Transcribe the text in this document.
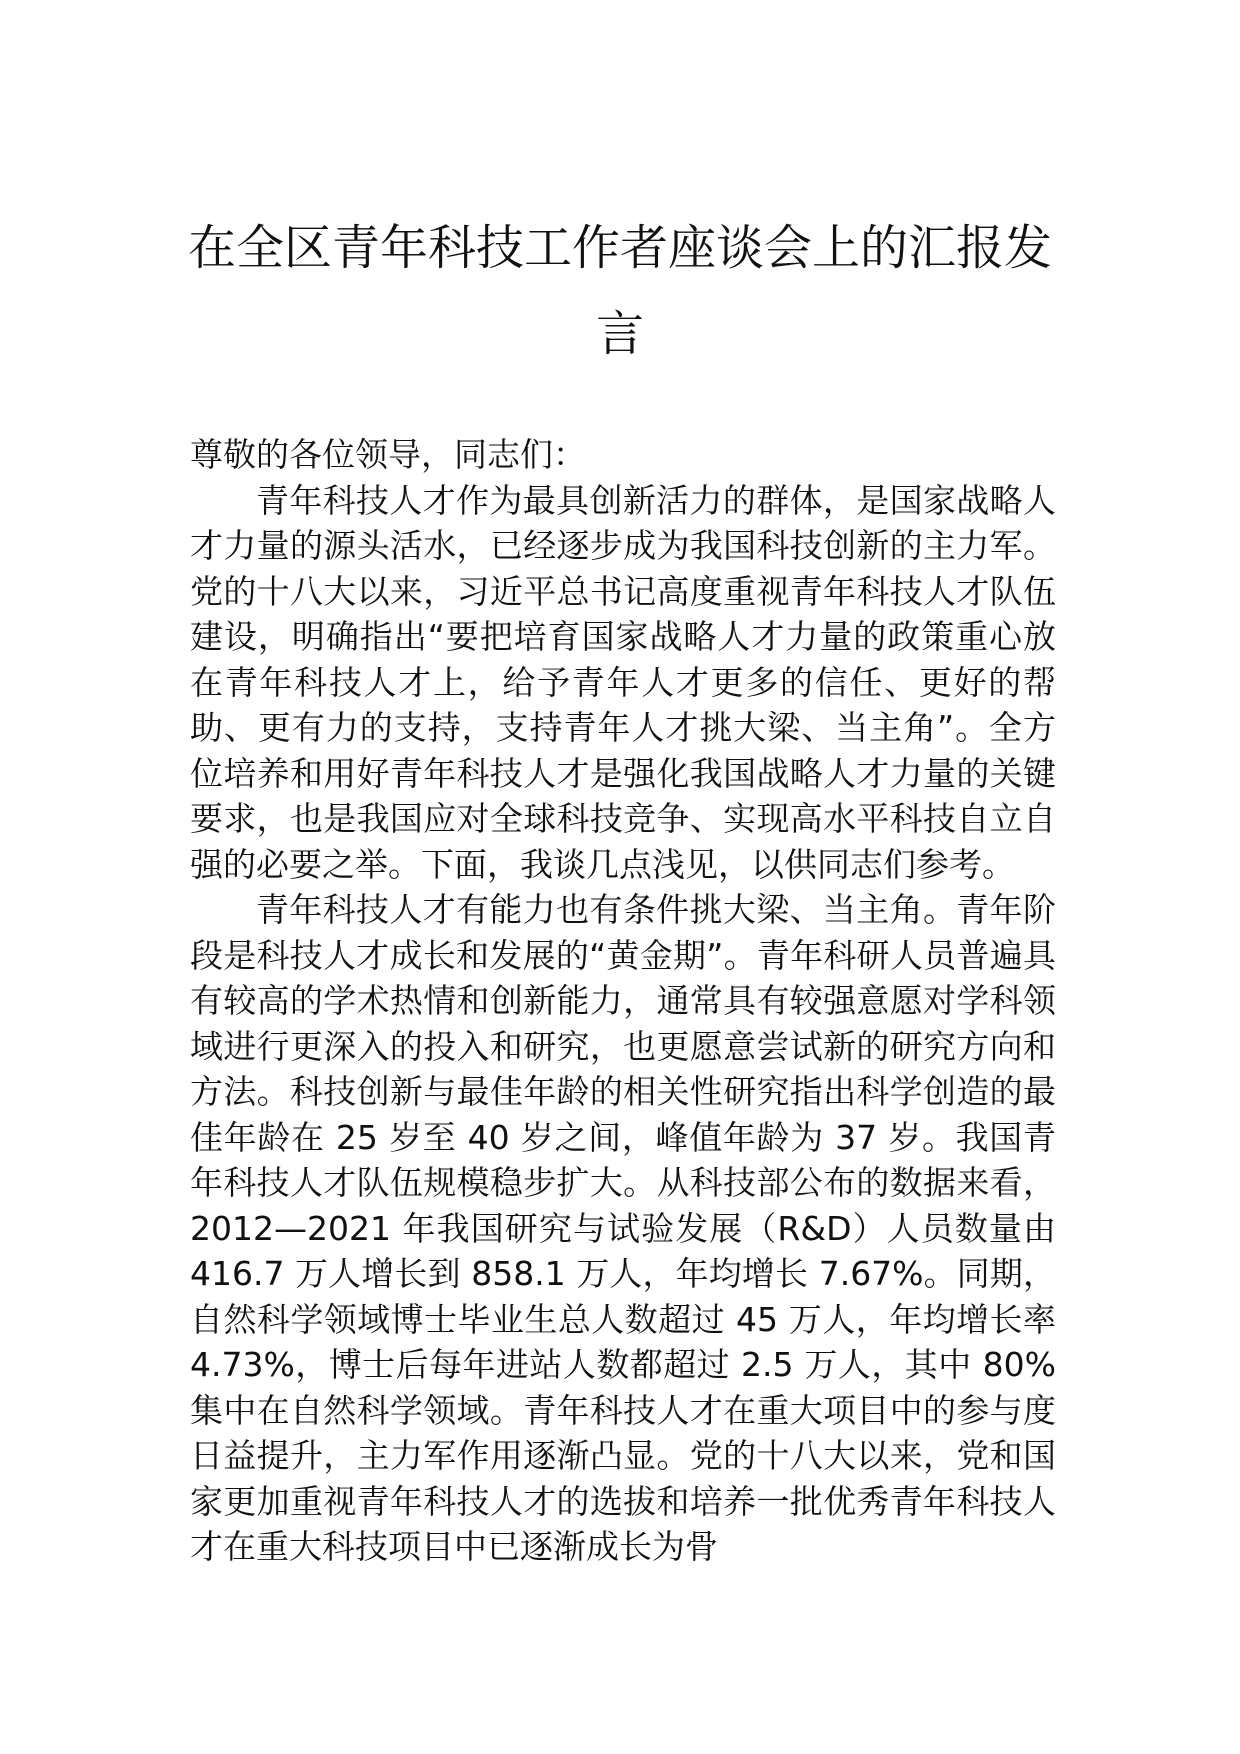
在全区青年科技工作者座谈会上的汇报发言

尊敬的各位领导，同志们：

青年科技人才作为最具创新活力的群体，是国家战略人才力量的源头活水，已经逐步成为我国科技创新的主力军。党的十八大以来，习近平总书记高度重视青年科技人才队伍建设，明确指出“要把培育国家战略人才力量的政策重心放在青年科技人才上，给予青年人才更多的信任、更好的帮助、更有力的支持，支持青年人才挑大梁、当主角”。全方位培养和用好青年科技人才是强化我国战略人才力量的关键要求，也是我国应对全球科技竞争、实现高水平科技自立自强的必要之举。下面，我谈几点浅见，以供同志们参考。

青年科技人才有能力也有条件挑大梁、当主角。青年阶段是科技人才成长和发展的“黄金期”。青年科研人员普遍具有较高的学术热情和创新能力，通常具有较强意愿对学科领域进行更深入的投入和研究，也更愿意尝试新的研究方向和方法。科技创新与最佳年龄的相关性研究指出科学创造的最佳年龄在 25 岁至 40 岁之间，峰值年龄为 37 岁。我国青年科技人才队伍规模稳步扩大。从科技部公布的数据来看，2012—2021 年我国研究与试验发展（R&D）人员数量由 416.7 万人增长到 858.1 万人，年均增长 7.67%。同期，自然科学领域博士毕业生总人数超过 45 万人，年均增长率 4.73%，博士后每年进站人数都超过 2.5 万人，其中 80%集中在自然科学领域。青年科技人才在重大项目中的参与度日益提升，主力军作用逐渐凸显。党的十八大以来，党和国家更加重视青年科技人才的选拔和培养一批优秀青年科技人才在重大科技项目中已逐渐成长为骨
